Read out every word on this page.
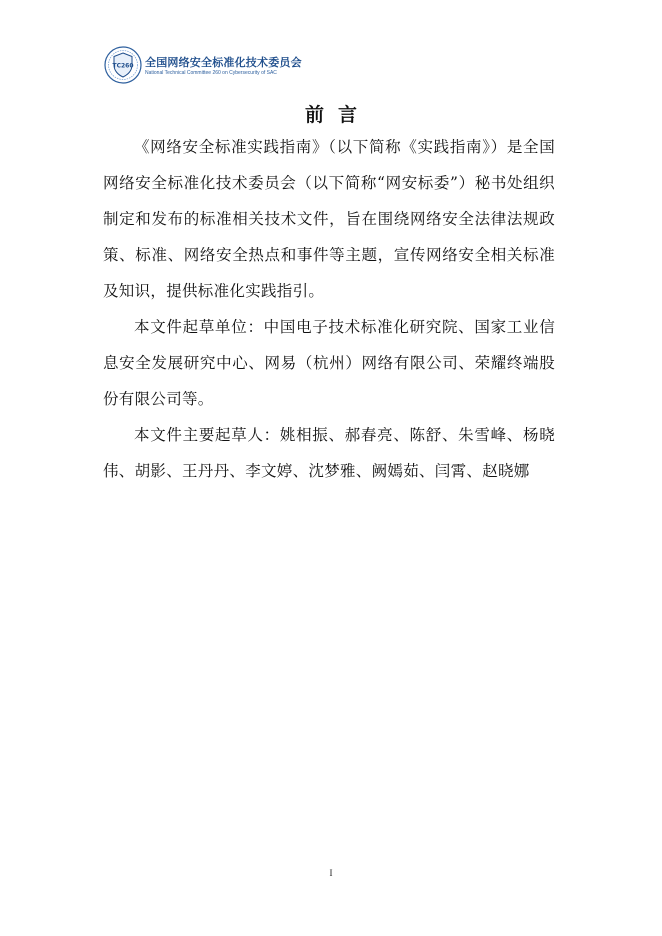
TC260 全国网络安全标准化技术委员会
National Technical Committee 260 on Cybersecurity of SAC
前言

《网络安全标准实践指南》（以下简称《实践指南》）是全国网络安全标准化技术委员会（以下简称“网安标委”）秘书处组织制定和发布的标准相关技术文件，旨在围绕网络安全法律法规政策、标准、网络安全热点和事件等主题，宣传网络安全相关标准及知识，提供标准化实践指引。

本文件起草单位：中国电子技术标准化研究院、国家工业信息安全发展研究中心、网易（杭州）网络有限公司、荣耀终端股份有限公司等。

本文件主要起草人：姚相振、郝春亮、陈舒、朱雪峰、杨晓伟、胡影、王丹丹、李文婷、沈梦雅、阙嫣茹、闫霄、赵晓娜

I
